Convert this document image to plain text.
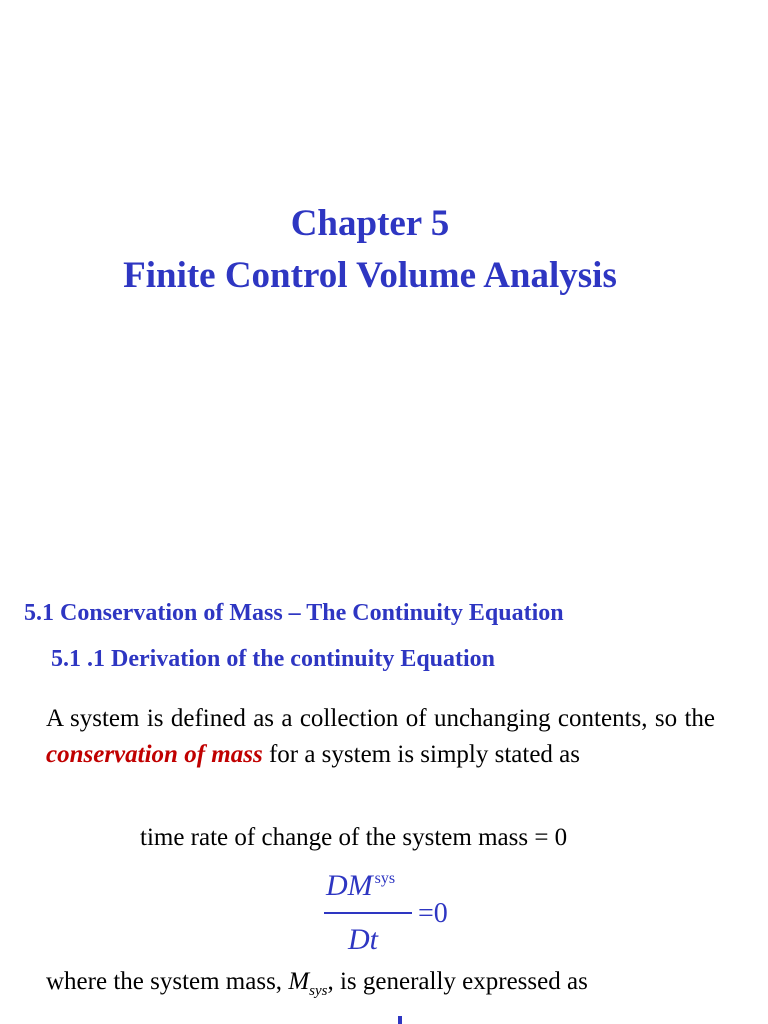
Chapter 5
Finite Control Volume Analysis
5.1 Conservation of Mass – The Continuity Equation
5.1 .1 Derivation of the continuity Equation

A system is defined as a collection of unchanging contents, so the conservation of mass for a system is simply stated as

time rate of change of the system mass = 0
DM $_{sys}$
Dt
=0
where the system mass, $M_{sys}$, is generally expressed as
